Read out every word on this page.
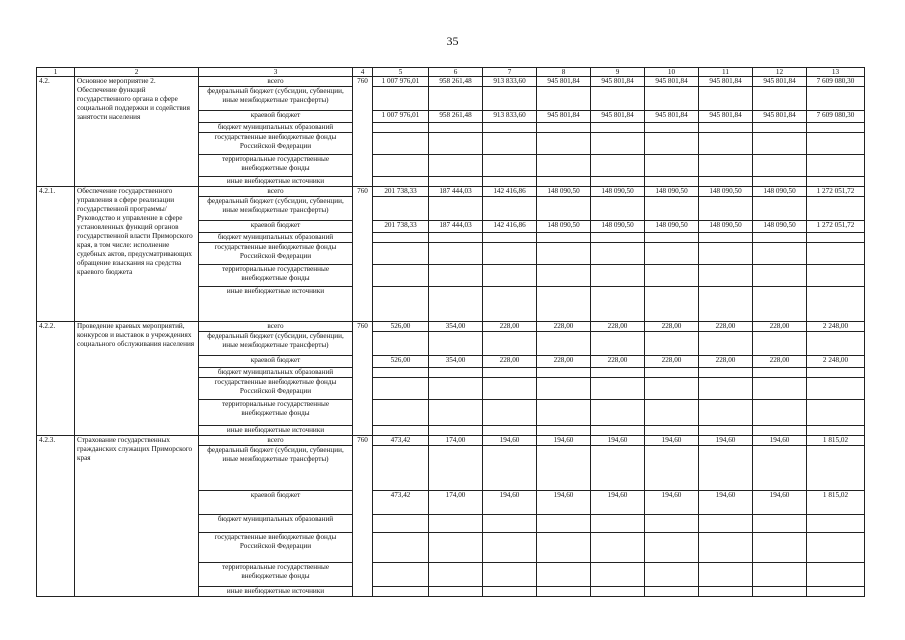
35
1	2	3	4	5	6	7	8	9	10	11	12	13
4.2.	Основное мероприятие 2. Обеспечение функций государственного органа в сфере социальной поддержки и содействия занятости населения	всего	760	1 007 976,01	958 261,48	913 833,60	945 801,84	945 801,84	945 801,84	945 801,84	945 801,84	7 609 080,30
		федеральный бюджет (субсидии, субвенции, иные межбюджетные трансферты)										
		краевой бюджет		1 007 976,01	958 261,48	913 833,60	945 801,84	945 801,84	945 801,84	945 801,84	945 801,84	7 609 080,30
		бюджет муниципальных образований										
		государственные внебюджетные фонды Российской Федерации										
		территориальные государственные внебюджетные фонды										
		иные внебюджетные источники										
4.2.1.	Обеспечение государственного управления в сфере реализации государственной программы/ Руководство и управление в сфере установленных функций органов государственной власти Приморского края, в том числе: исполнение судебных актов, предусматривающих обращение взыскания на средства краевого бюджета	всего	760	201 738,33	187 444,03	142 416,86	148 090,50	148 090,50	148 090,50	148 090,50	148 090,50	1 272 051,72
		федеральный бюджет (субсидии, субвенции, иные межбюджетные трансферты)										
		краевой бюджет		201 738,33	187 444,03	142 416,86	148 090,50	148 090,50	148 090,50	148 090,50	148 090,50	1 272 051,72
		бюджет муниципальных образований										
		государственные внебюджетные фонды Российской Федерации										
		территориальные государственные внебюджетные фонды										
		иные внебюджетные источники										
4.2.2.	Проведение краевых мероприятий, конкурсов и выставок в учреждениях социального обслуживания населения	всего	760	526,00	354,00	228,00	228,00	228,00	228,00	228,00	228,00	2 248,00
		федеральный бюджет (субсидии, субвенции, иные межбюджетные трансферты)										
		краевой бюджет		526,00	354,00	228,00	228,00	228,00	228,00	228,00	228,00	2 248,00
		бюджет муниципальных образований										
		государственные внебюджетные фонды Российской Федерации										
		территориальные государственные внебюджетные фонды										
		иные внебюджетные источники										
4.2.3.	Страхование государственных гражданских служащих Приморского края	всего	760	473,42	174,00	194,60	194,60	194,60	194,60	194,60	194,60	1 815,02
		федеральный бюджет (субсидии, субвенции, иные межбюджетные трансферты)										
		краевой бюджет		473,42	174,00	194,60	194,60	194,60	194,60	194,60	194,60	1 815,02
		бюджет муниципальных образований										
		государственные внебюджетные фонды Российской Федерации										
		территориальные государственные внебюджетные фонды										
		иные внебюджетные источники										
